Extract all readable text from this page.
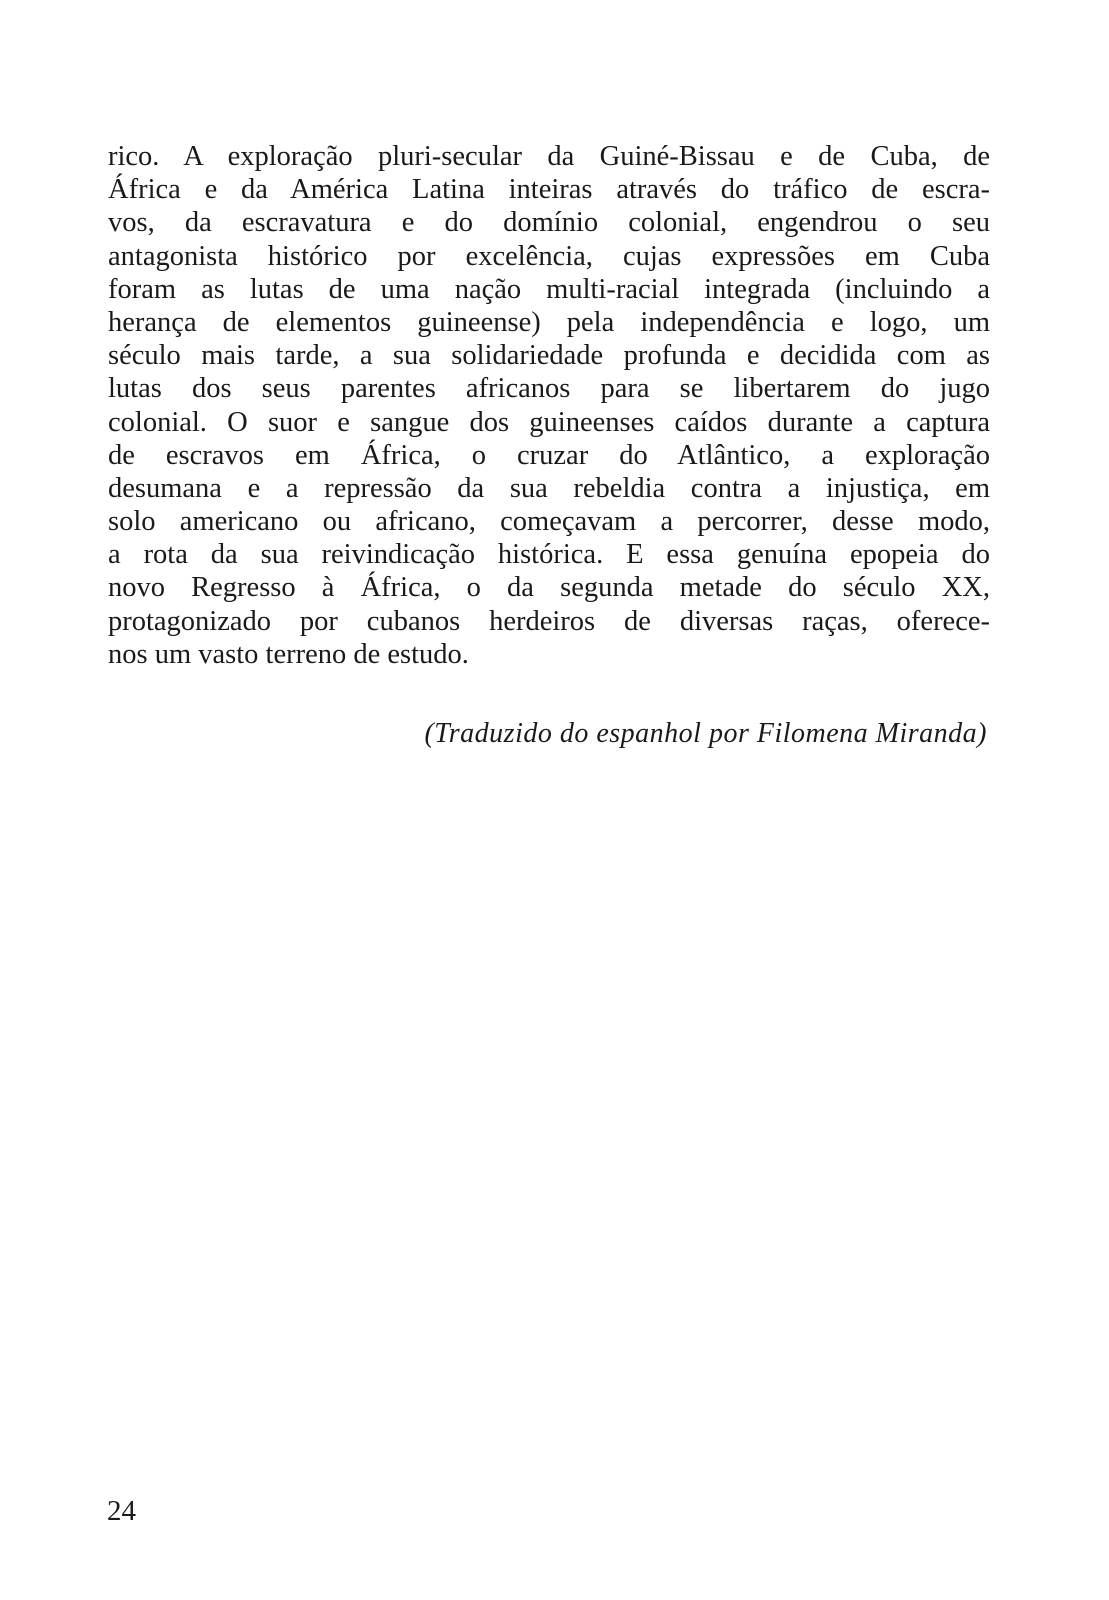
rico. A exploração pluri-secular da Guiné-Bissau e de Cuba, de
África e da América Latina inteiras através do tráfico de escra-
vos, da escravatura e do domínio colonial, engendrou o seu
antagonista histórico por excelência, cujas expressões em Cuba
foram as lutas de uma nação multi-racial integrada (incluindo a
herança de elementos guineense) pela independência e logo, um
século mais tarde, a sua solidariedade profunda e decidida com as
lutas dos seus parentes africanos para se libertarem do jugo
colonial. O suor e sangue dos guineenses caídos durante a captura
de escravos em África, o cruzar do Atlântico, a exploração
desumana e a repressão da sua rebeldia contra a injustiça, em
solo americano ou africano, começavam a percorrer, desse modo,
a rota da sua reivindicação histórica. E essa genuína epopeia do
novo Regresso à África, o da segunda metade do século XX,
protagonizado por cubanos herdeiros de diversas raças, oferece-
nos um vasto terreno de estudo.
(Traduzido do espanhol por Filomena Miranda)
24
